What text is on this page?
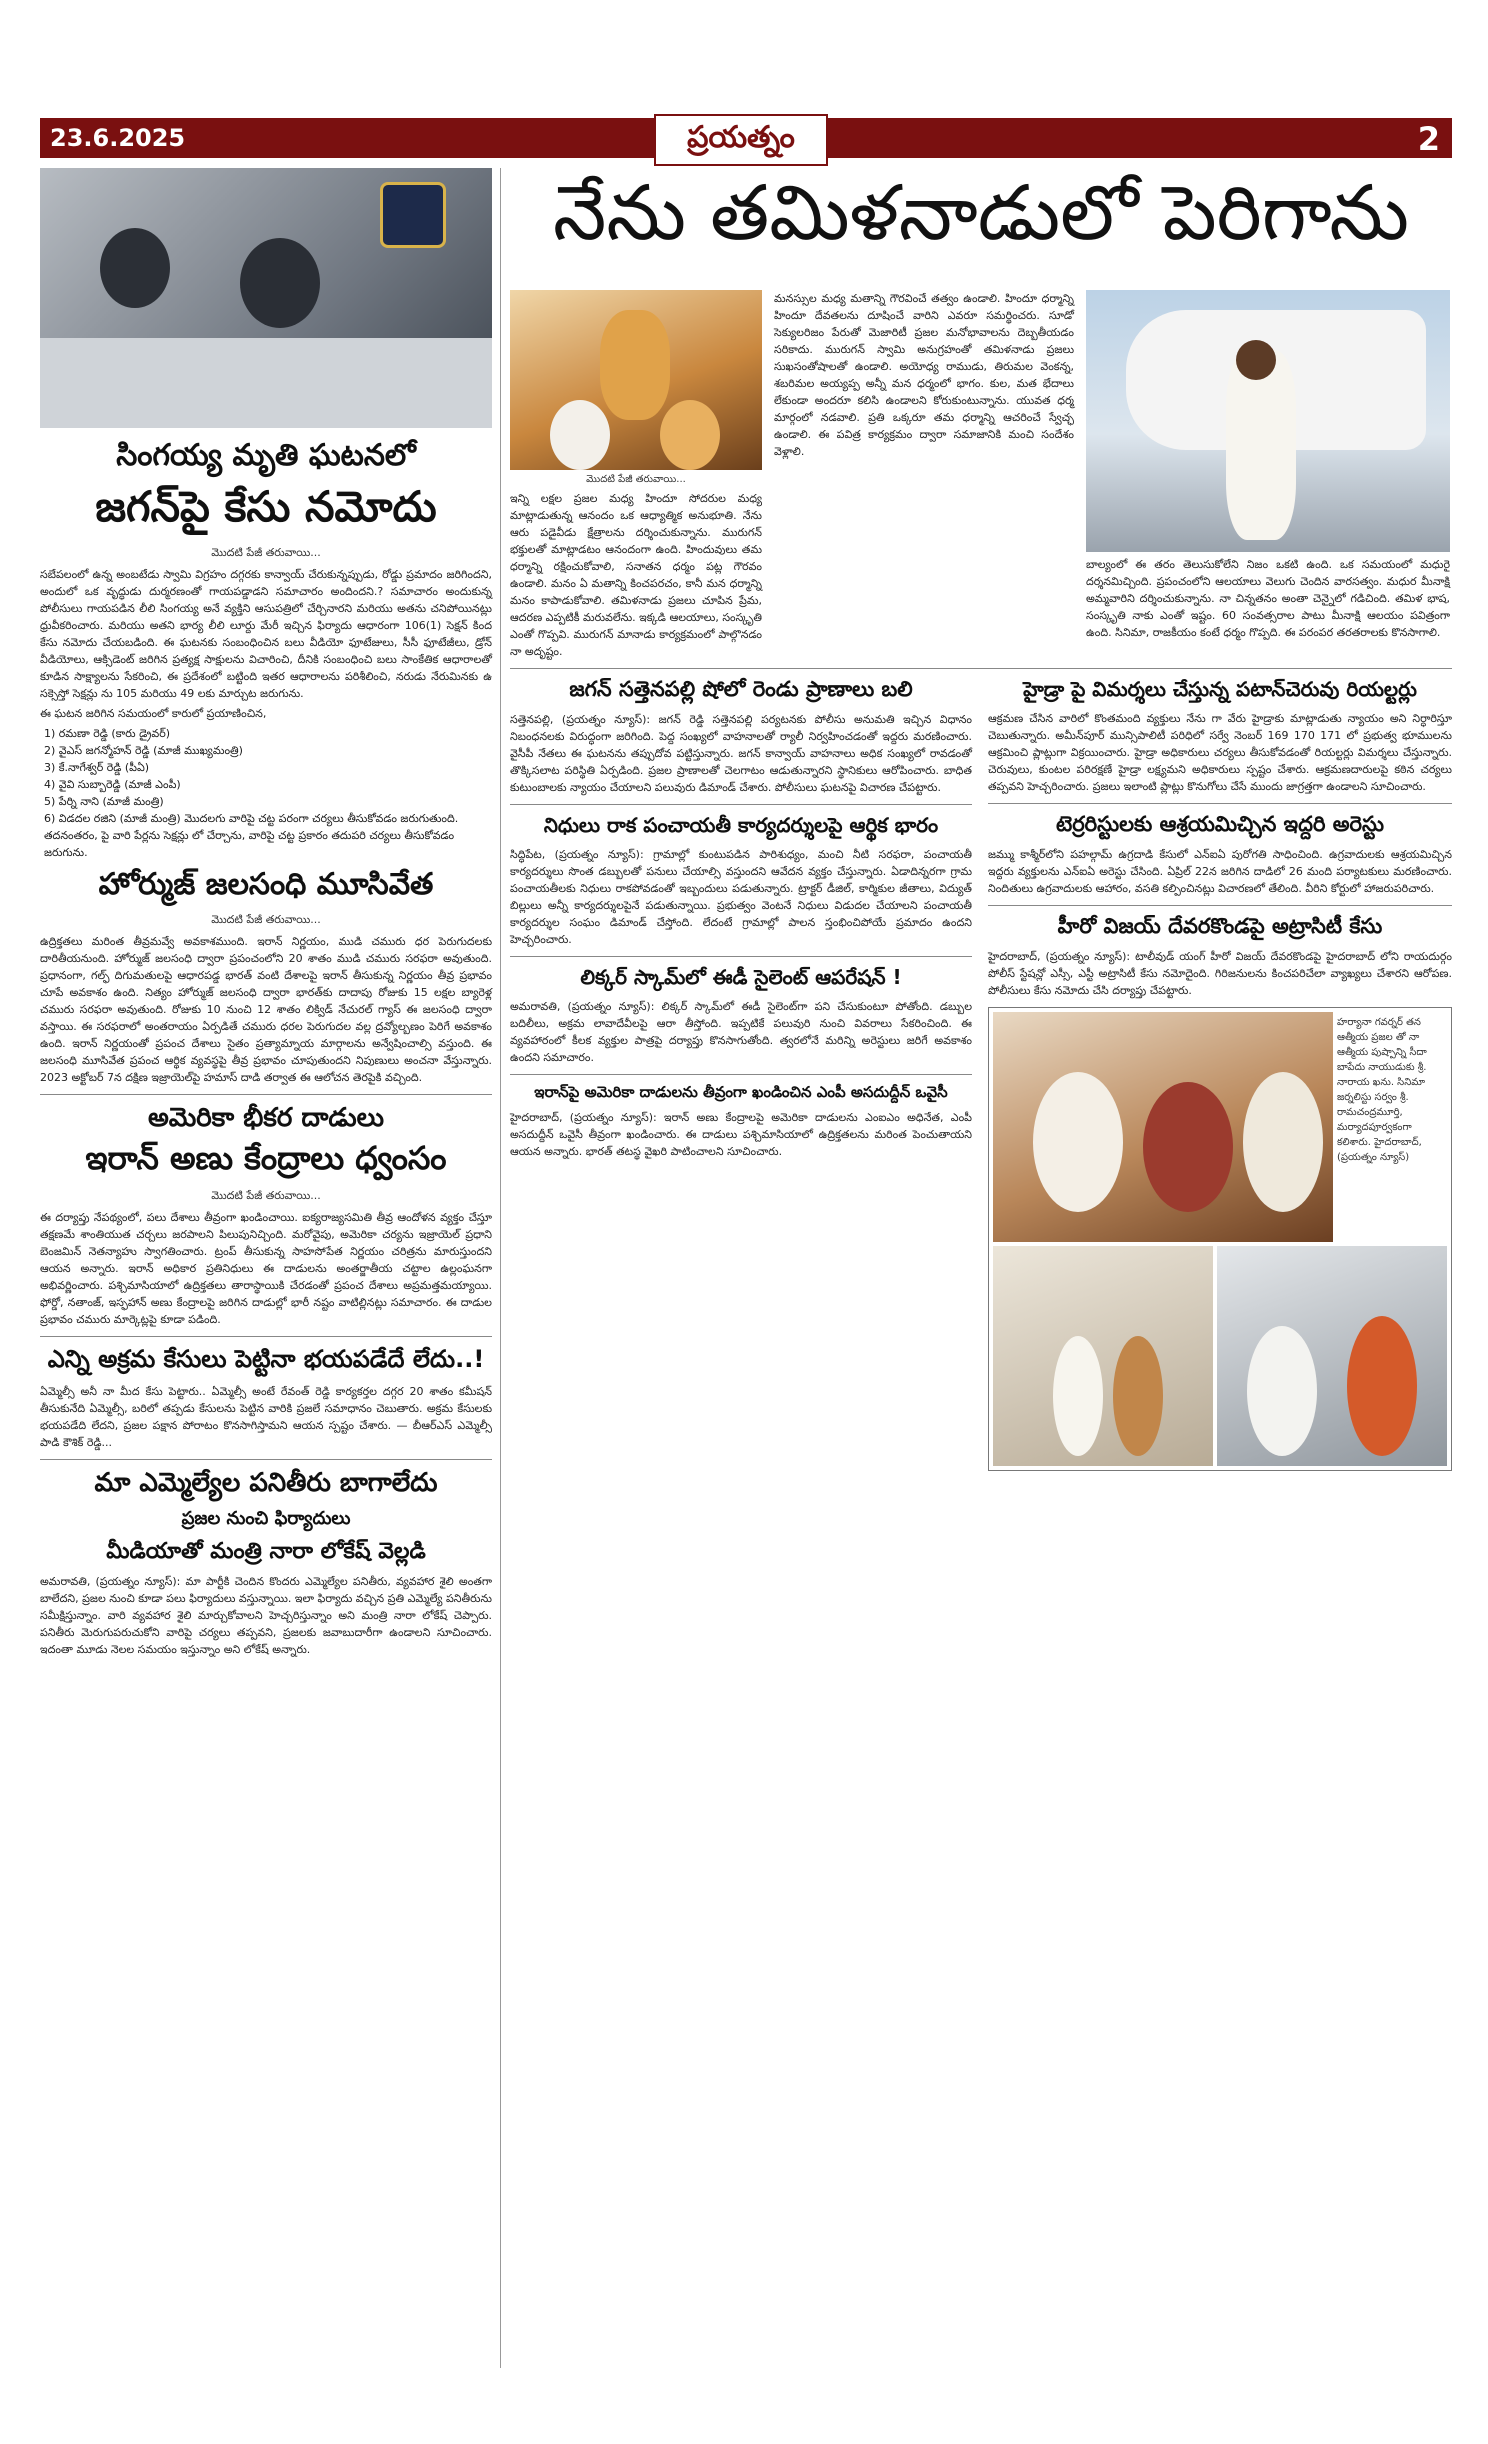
23.6.2025	ప్రయత్నం	2
సింగయ్య మృతి ఘటనలో
జగన్‌పై కేసు నమోదు
మొదటి పేజీ తరువాయి...

సబేపలంలో ఉన్న అంబటేడు స్వామి విగ్రహం దగ్గరకు కాన్వాయ్ చేరుకున్నప్పుడు, రోడ్డు ప్రమాదం జరిగిందని, అందులో ఒక వృద్ధుడు దుర్మరణంతో గాయపడ్డాడని సమాచారం అందిందని.? సమాచారం అందుకున్న పోలీసులు గాయపడిన లీలి సింగయ్య అనే వ్యక్తిని ఆసుపత్రిలో చేర్చినారని మరియు అతను చనిపోయినట్లు ధ్రువీకరించారు. మరియు అతని భార్య లీలి లూర్దు మేరీ ఇచ్చిన ఫిర్యాదు ఆధారంగా 106(1) సెక్షన్ కింద కేసు నమోదు చేయబడింది. ఈ ఘటనకు సంబంధించిన బలు వీడియో ఫూటేజులు, సీసీ ఫూటేజీలు, డ్రోన్ వీడియోలు, ఆక్సిడెంట్ జరిగిన ప్రత్యక్ష సాక్షులను విచారించి, దీనికి సంబంధించి బలు సాంకేతిక ఆధారాలతో కూడిన సాక్ష్యాలను సేకరించి, ఈ ప్రదేశంలో బట్టింది ఇతర ఆధారాలను పరిశీలించి, నరుడు నేరుమినకు ఉ సక్సెస్తో సెక్షన్లు ను 105 మరియు 49 లకు మార్చుట జరుగును.

ఈ ఘటన జరిగిన సమయంలో కారులో ప్రయాణించిన,

1) రమణా రెడ్డి (కారు డ్రైవర్)
2) వైఎస్ జగన్మోహన్ రెడ్డి (మాజీ ముఖ్యమంత్రి)
3) కే.నాగేశ్వర్ రెడ్డి (పీఏ)
4) వైవి సుబ్బారెడ్డి (మాజీ ఎంపీ)
5) పేర్ని నాని (మాజీ మంత్రి)
6) విడదల రజిని (మాజీ మంత్రి) మొదలగు వారిపై చట్ట పరంగా చర్యలు తీసుకోవడం జరుగుతుంది. తదనంతరం, పై వారి పేర్లను సెక్షన్లు లో చేర్చాను, వారిపై చట్ట ప్రకారం తదుపరి చర్యలు తీసుకోవడం జరుగును.
హోర్ముజ్ జలసంధి మూసివేత
మొదటి పేజీ తరువాయి...
ఉద్రిక్తతలు మరింత తీవ్రమవ్వే అవకాశముంది. ఇరాన్ నిర్ణయం, ముడి చమురు ధర పెరుగుదలకు దారితీయనుంది. హోర్ముజ్ జలసంధి ద్వారా ప్రపంచంలోని 20 శాతం ముడి చమురు సరఫరా అవుతుంది. ప్రధానంగా, గల్ఫ్ దిగుమతులపై ఆధారపడ్డ భారత్ వంటి దేశాలపై ఇరాన్ తీసుకున్న నిర్ణయం తీవ్ర ప్రభావం చూపే అవకాశం ఉంది. నిత్యం హోర్ముజ్ జలసంధి ద్వారా భారత్‌కు దాదాపు రోజుకు 15 లక్షల బ్యారెళ్ల చమురు సరఫరా అవుతుంది. రోజుకు 10 నుంచి 12 శాతం లిక్విడ్ నేచురల్ గ్యాస్ ఈ జలసంధి ద్వారా వస్తాయి. ఈ సరఫరాలో అంతరాయం ఏర్పడితే చమురు ధరల పెరుగుదల వల్ల ద్రవ్యోల్బణం పెరిగే అవకాశం ఉంది. ఇరాన్ నిర్ణయంతో ప్రపంచ దేశాలు సైతం ప్రత్యామ్నాయ మార్గాలను అన్వేషించాల్సి వస్తుంది. ఈ జలసంధి మూసివేత ప్రపంచ ఆర్థిక వ్యవస్థపై తీవ్ర ప్రభావం చూపుతుందని నిపుణులు అంచనా వేస్తున్నారు. 2023 అక్టోబర్ 7న దక్షిణ ఇజ్రాయెల్‌పై హమాస్ దాడి తర్వాత ఈ ఆలోచన తెరపైకి వచ్చింది.
అమెరికా భీకర దాడులు
ఇరాన్ అణు కేంద్రాలు ధ్వంసం
మొదటి పేజీ తరువాయి...
ఈ దర్యాప్తు నేపథ్యంలో, పలు దేశాలు తీవ్రంగా ఖండించాయి. ఐక్యరాజ్యసమితి తీవ్ర ఆందోళన వ్యక్తం చేస్తూ తక్షణమే శాంతియుత చర్చలు జరపాలని పిలుపునిచ్చింది. మరోవైపు, అమెరికా చర్యను ఇజ్రాయెల్ ప్రధాని బెంజమిన్ నెతన్యాహు స్వాగతించారు. ట్రంప్ తీసుకున్న సాహసోపేత నిర్ణయం చరిత్రను మారుస్తుందని ఆయన అన్నారు. ఇరాన్ అధికార ప్రతినిధులు ఈ దాడులను అంతర్జాతీయ చట్టాల ఉల్లంఘనగా అభివర్ణించారు. పశ్చిమాసియాలో ఉద్రిక్తతలు తారాస్థాయికి చేరడంతో ప్రపంచ దేశాలు అప్రమత్తమయ్యాయి. ఫోర్డో, నతాంజ్, ఇస్ఫహాన్ అణు కేంద్రాలపై జరిగిన దాడుల్లో భారీ నష్టం వాటిల్లినట్లు సమాచారం. ఈ దాడుల ప్రభావం చమురు మార్కెట్లపై కూడా పడింది.
ఎన్ని అక్రమ కేసులు పెట్టినా భయపడేదే లేదు..!
ఏమ్మెల్సీ అనీ నా మీద కేసు పెట్టారు.. ఏమ్మెల్సీ అంటే రేవంత్ రెడ్డి కార్యకర్తల దగ్గర 20 శాతం కమీషన్ తీసుకునేది ఏమ్మెల్సీ, బరిలో తప్పడు కేసులను పెట్టిన వారికి ప్రజలే సమాధానం చెబుతారు. అక్రమ కేసులకు భయపడేది లేదని, ప్రజల పక్షాన పోరాటం కొనసాగిస్తామని ఆయన స్పష్టం చేశారు. — బీఆర్ఎస్ ఎమ్మెల్సీ పాడి కౌశిక్ రెడ్డి...
మా ఎమ్మెల్యేల పనితీరు బాగాలేదు
ప్రజల నుంచి ఫిర్యాదులు
మీడియాతో మంత్రి నారా లోకేష్ వెల్లడి
అమరావతి, (ప్రయత్నం న్యూస్): మా పార్టీకి చెందిన కొందరు ఎమ్మెల్యేల పనితీరు, వ్యవహార శైలి అంతగా బాలేదని, ప్రజల నుంచి కూడా పలు ఫిర్యాదులు వస్తున్నాయి. ఇలా ఫిర్యాదు వచ్చిన ప్రతి ఎమ్మెల్యే పనితీరును సమీక్షిస్తున్నాం. వారి వ్యవహార శైలి మార్చుకోవాలని హెచ్చరిస్తున్నాం అని మంత్రి నారా లోకేష్ చెప్పారు. పనితీరు మెరుగుపరుచుకోని వారిపై చర్యలు తప్పవని, ప్రజలకు జవాబుదారీగా ఉండాలని సూచించారు. ఇదంతా మూడు నెలల సమయం ఇస్తున్నాం అని లోకేష్ అన్నారు.
నేను తమిళనాడులో పెరిగాను
మొదటి పేజీ తరువాయి...
ఇన్ని లక్షల ప్రజల మధ్య హిందూ సోదరుల మధ్య మాట్లాడుతున్న ఆనందం ఒక ఆధ్యాత్మిక అనుభూతి. నేను ఆరు పడైవీడు క్షేత్రాలను దర్శించుకున్నాను. మురుగన్ భక్తులతో మాట్లాడటం ఆనందంగా ఉంది. హిందువులు తమ ధర్మాన్ని రక్షించుకోవాలి, సనాతన ధర్మం పట్ల గౌరవం ఉండాలి. మనం ఏ మతాన్ని కించపరచం, కానీ మన ధర్మాన్ని మనం కాపాడుకోవాలి. తమిళనాడు ప్రజలు చూపిన ప్రేమ, ఆదరణ ఎప్పటికీ మరువలేను. ఇక్కడి ఆలయాలు, సంస్కృతి ఎంతో గొప్పవి. మురుగన్ మానాడు కార్యక్రమంలో పాల్గొనడం నా అదృష్టం.
మనస్సుల మధ్య మతాన్ని గౌరవించే తత్వం ఉండాలి. హిందూ ధర్మాన్ని హిందూ దేవతలను దూషించే వారిని ఎవరూ సమర్థించరు. సూడో సెక్యులరిజం పేరుతో మెజారిటీ ప్రజల మనోభావాలను దెబ్బతీయడం సరికాదు. మురుగన్ స్వామి అనుగ్రహంతో తమిళనాడు ప్రజలు సుఖసంతోషాలతో ఉండాలి. అయోధ్య రాముడు, తిరుమల వెంకన్న, శబరిమల అయ్యప్ప అన్నీ మన ధర్మంలో భాగం. కుల, మత భేదాలు లేకుండా అందరూ కలిసి ఉండాలని కోరుకుంటున్నాను. యువత ధర్మ మార్గంలో నడవాలి. ప్రతి ఒక్కరూ తమ ధర్మాన్ని ఆచరించే స్వేచ్ఛ ఉండాలి. ఈ పవిత్ర కార్యక్రమం ద్వారా సమాజానికి మంచి సందేశం వెళ్లాలి.
బాల్యంలో ఈ తరం తెలుసుకోలేని నిజం ఒకటి ఉంది. ఒక సమయంలో మధురై దర్శనమిచ్చింది. ప్రపంచంలోని ఆలయాలు వెలుగు చెందిన వారసత్వం. మధుర మీనాక్షి అమ్మవారిని దర్శించుకున్నాను. నా చిన్నతనం అంతా చెన్నైలో గడిచింది. తమిళ భాష, సంస్కృతి నాకు ఎంతో ఇష్టం. 60 సంవత్సరాల పాటు మీనాక్షి ఆలయం పవిత్రంగా ఉంది. సినిమా, రాజకీయం కంటే ధర్మం గొప్పది. ఈ పరంపర తరతరాలకు కొనసాగాలి.
జగన్ సత్తెనపల్లి షోలో రెండు ప్రాణాలు బలి
సత్తెనపల్లి, (ప్రయత్నం న్యూస్): జగన్ రెడ్డి సత్తెనపల్లి పర్యటనకు పోలీసు అనుమతి ఇచ్చిన విధానం నిబంధనలకు విరుద్ధంగా జరిగింది. పెద్ద సంఖ్యలో వాహనాలతో ర్యాలీ నిర్వహించడంతో ఇద్దరు మరణించారు. వైసీపీ నేతలు ఈ ఘటనను తప్పుదోవ పట్టిస్తున్నారు. జగన్ కాన్వాయ్ వాహనాలు అధిక సంఖ్యలో రావడంతో తొక్కిసలాట పరిస్థితి ఏర్పడింది. ప్రజల ప్రాణాలతో చెలగాటం ఆడుతున్నారని స్థానికులు ఆరోపించారు. బాధిత కుటుంబాలకు న్యాయం చేయాలని పలువురు డిమాండ్ చేశారు. పోలీసులు ఘటనపై విచారణ చేపట్టారు.
నిధులు రాక పంచాయతీ కార్యదర్శులపై ఆర్థిక భారం
సిద్ధిపేట, (ప్రయత్నం న్యూస్): గ్రామాల్లో కుంటుపడిన పారిశుధ్యం, మంచి నీటి సరఫరా, పంచాయతీ కార్యదర్శులు సొంత డబ్బులతో పనులు చేయాల్సి వస్తుందని ఆవేదన వ్యక్తం చేస్తున్నారు. ఏడాదిన్నరగా గ్రామ పంచాయతీలకు నిధులు రాకపోవడంతో ఇబ్బందులు పడుతున్నారు. ట్రాక్టర్ డీజిల్, కార్మికుల జీతాలు, విద్యుత్ బిల్లులు అన్నీ కార్యదర్శులపైనే పడుతున్నాయి. ప్రభుత్వం వెంటనే నిధులు విడుదల చేయాలని పంచాయతీ కార్యదర్శుల సంఘం డిమాండ్ చేస్తోంది. లేదంటే గ్రామాల్లో పాలన స్తంభించిపోయే ప్రమాదం ఉందని హెచ్చరించారు.
లిక్కర్ స్కామ్‌లో ఈడీ సైలెంట్ ఆపరేషన్ !
అమరావతి, (ప్రయత్నం న్యూస్): లిక్కర్ స్కామ్‌లో ఈడీ సైలెంట్‌గా పని చేసుకుంటూ పోతోంది. డబ్బుల బదిలీలు, అక్రమ లావాదేవీలపై ఆరా తీస్తోంది. ఇప్పటికే పలువురి నుంచి వివరాలు సేకరించింది. ఈ వ్యవహారంలో కీలక వ్యక్తుల పాత్రపై దర్యాప్తు కొనసాగుతోంది. త్వరలోనే మరిన్ని అరెస్టులు జరిగే అవకాశం ఉందని సమాచారం.
ఇరాన్‌పై అమెరికా దాడులను తీవ్రంగా ఖండించిన ఎంపీ అసదుద్దీన్ ఒవైసీ
హైదరాబాద్, (ప్రయత్నం న్యూస్): ఇరాన్ అణు కేంద్రాలపై అమెరికా దాడులను ఎంఐఎం అధినేత, ఎంపీ అసదుద్దీన్ ఒవైసీ తీవ్రంగా ఖండించారు. ఈ దాడులు పశ్చిమాసియాలో ఉద్రిక్తతలను మరింత పెంచుతాయని ఆయన అన్నారు. భారత్ తటస్థ వైఖరి పాటించాలని సూచించారు.
హైడ్రా పై విమర్శలు చేస్తున్న పటాన్‌చెరువు రియల్టర్లు
ఆక్రమణ చేసిన వారిలో కొంతమంది వ్యక్తులు నేను గా వేరు హైడ్రాకు మాట్లాడుతు న్యాయం అని నిర్ధారిస్తూ చెబుతున్నారు. అమీన్‌పూర్ మున్సిపాలిటీ పరిధిలో సర్వే నెంబర్ 169 170 171 లో ప్రభుత్వ భూములను ఆక్రమించి ప్లాట్లుగా విక్రయించారు. హైడ్రా అధికారులు చర్యలు తీసుకోవడంతో రియల్టర్లు విమర్శలు చేస్తున్నారు. చెరువులు, కుంటల పరిరక్షణే హైడ్రా లక్ష్యమని అధికారులు స్పష్టం చేశారు. ఆక్రమణదారులపై కఠిన చర్యలు తప్పవని హెచ్చరించారు. ప్రజలు ఇలాంటి ప్లాట్లు కొనుగోలు చేసే ముందు జాగ్రత్తగా ఉండాలని సూచించారు.
టెర్రరిస్టులకు ఆశ్రయమిచ్చిన ఇద్దరి అరెస్టు
జమ్ము కాశ్మీర్‌లోని పహల్గామ్ ఉగ్రదాడి కేసులో ఎన్ఐఏ పురోగతి సాధించింది. ఉగ్రవాదులకు ఆశ్రయమిచ్చిన ఇద్దరు వ్యక్తులను ఎన్ఐఏ అరెస్టు చేసింది. ఏప్రిల్ 22న జరిగిన దాడిలో 26 మంది పర్యాటకులు మరణించారు. నిందితులు ఉగ్రవాదులకు ఆహారం, వసతి కల్పించినట్లు విచారణలో తేలింది. వీరిని కోర్టులో హాజరుపరిచారు.
హీరో విజయ్ దేవరకొండపై అట్రాసిటీ కేసు
హైదరాబాద్, (ప్రయత్నం న్యూస్): టాలీవుడ్ యంగ్ హీరో విజయ్ దేవరకొండపై హైదరాబాద్ లోని రాయదుర్గం పోలీస్ స్టేషన్లో ఎస్సీ, ఎస్టీ అట్రాసిటీ కేసు నమోదైంది. గిరిజనులను కించపరిచేలా వ్యాఖ్యలు చేశారని ఆరోపణ. పోలీసులు కేసు నమోదు చేసి దర్యాప్తు చేపట్టారు.
హర్యానా గవర్నర్ తన ఆత్మీయ ప్రజల తో నా ఆత్మీయ పుష్పాన్ని సీదా బాపేదు నాయుడుకు శ్రీ. నారాయ ఖను. సినిమా జర్నలిస్టు సర్వం శ్రీ. రామచంద్రమూర్తి, మర్యాదపూర్వకంగా కలిశారు. హైదరాబాద్, (ప్రయత్నం న్యూస్)
